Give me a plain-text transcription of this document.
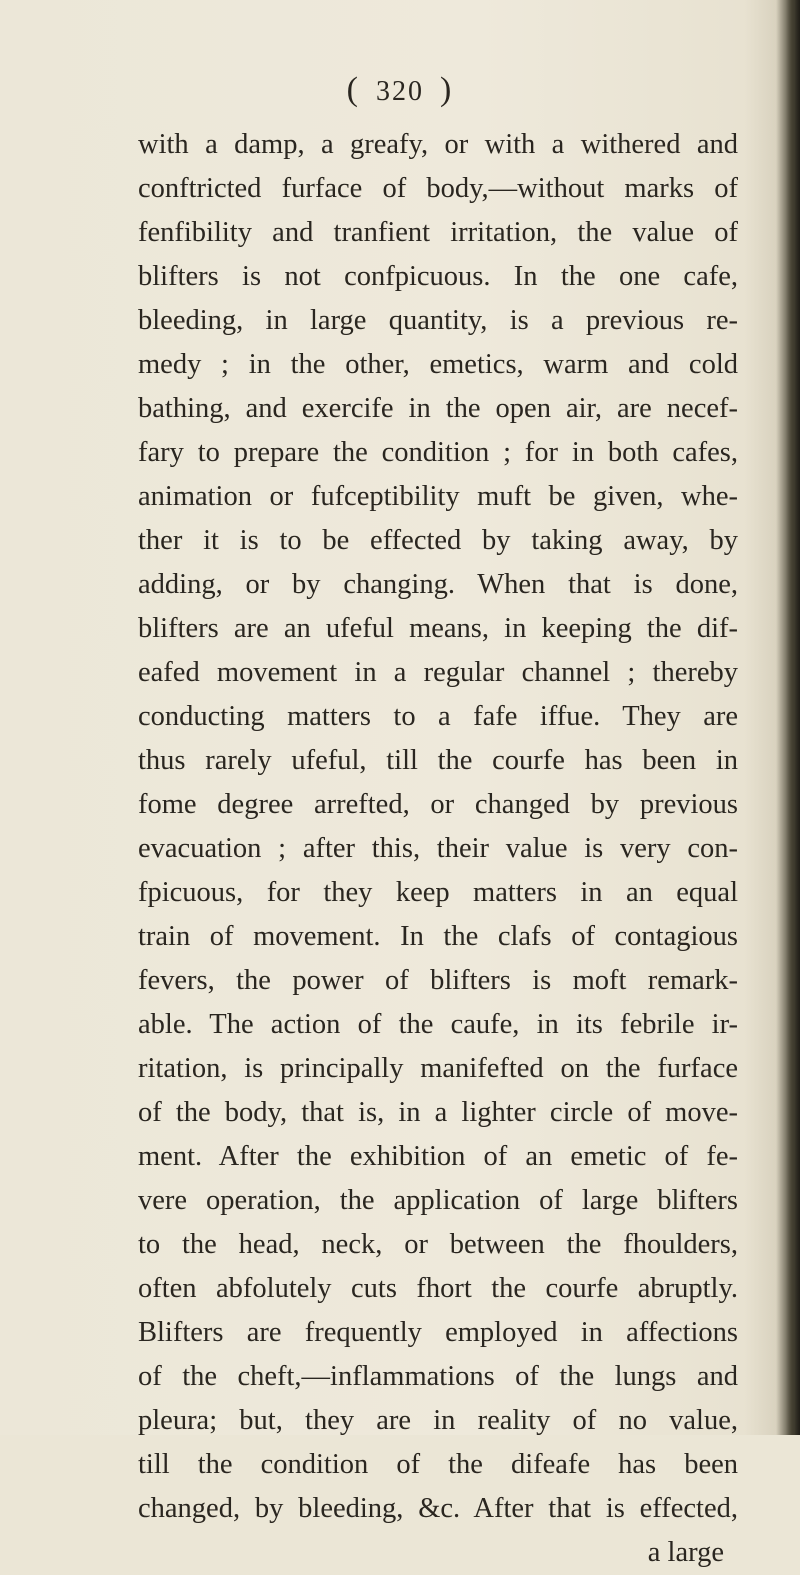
( 320 )
with a damp, a greafy, or with a withered and
conftricted furface of body,—without marks of
fenfibility and tranfient irritation, the value of
blifters is not confpicuous. In the one cafe,
bleeding, in large quantity, is a previous re-
medy ; in the other, emetics, warm and cold
bathing, and exercife in the open air, are necef-
fary to prepare the condition ; for in both cafes,
animation or fufceptibility muft be given, whe-
ther it is to be effected by taking away, by
adding, or by changing. When that is done,
blifters are an ufeful means, in keeping the dif-
eafed movement in a regular channel ; thereby
conducting matters to a fafe iffue. They are
thus rarely ufeful, till the courfe has been in
fome degree arrefted, or changed by previous
evacuation ; after this, their value is very con-
fpicuous, for they keep matters in an equal
train of movement. In the clafs of contagious
fevers, the power of blifters is moft remark-
able. The action of the caufe, in its febrile ir-
ritation, is principally manifefted on the furface
of the body, that is, in a lighter circle of move-
ment. After the exhibition of an emetic of fe-
vere operation, the application of large blifters
to the head, neck, or between the fhoulders,
often abfolutely cuts fhort the courfe abruptly.
Blifters are frequently employed in affections
of the cheft,—inflammations of the lungs and
pleura; but, they are in reality of no value,
till the condition of the difeafe has been
changed, by bleeding, &c. After that is effected,
a large
